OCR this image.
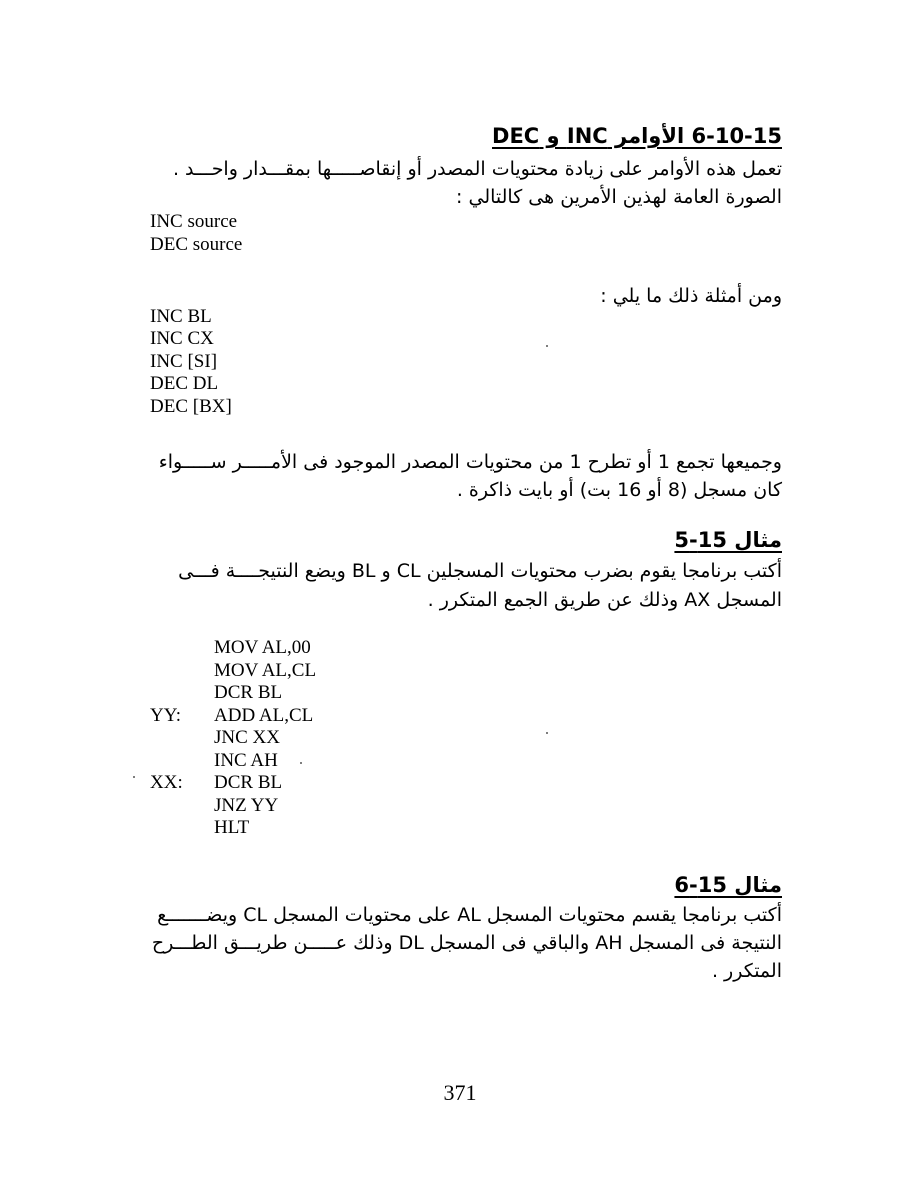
6-10-15 الأوامر INC و DEC
تعمل هذه الأوامر على زيادة محتويات المصدر أو إنقاصـــــها بمقـــدار واحـــد .
الصورة العامة لهذين الأمرين هى كالتالي :
INC source
DEC source
ومن أمثلة ذلك ما يلي :
INC BL
INC CX
INC [SI]
DEC DL
DEC [BX]
وجميعها تجمع 1 أو تطرح 1 من محتويات المصدر الموجود فى الأمـــــر ســـــواء
كان مسجل (8 أو 16 بت) أو بايت ذاكرة .
مثال 15-5
أكتب برنامجا يقوم بضرب محتويات المسجلين CL و BL ويضع النتيجــــة فـــى
المسجل AX وذلك عن طريق الجمع المتكرر .
MOV AL,00
MOV AL,CL
DCR BL
YY: ADD AL,CL
JNC XX
INC AH
XX: DCR BL
JNZ YY
HLT
مثال 15-6
أكتب برنامجا يقسم محتويات المسجل AL على محتويات المسجل CL ويضـــــــع
النتيجة فى المسجل AH والباقي فى المسجل DL وذلك عـــــن طريـــق الطـــرح
المتكرر .
371
